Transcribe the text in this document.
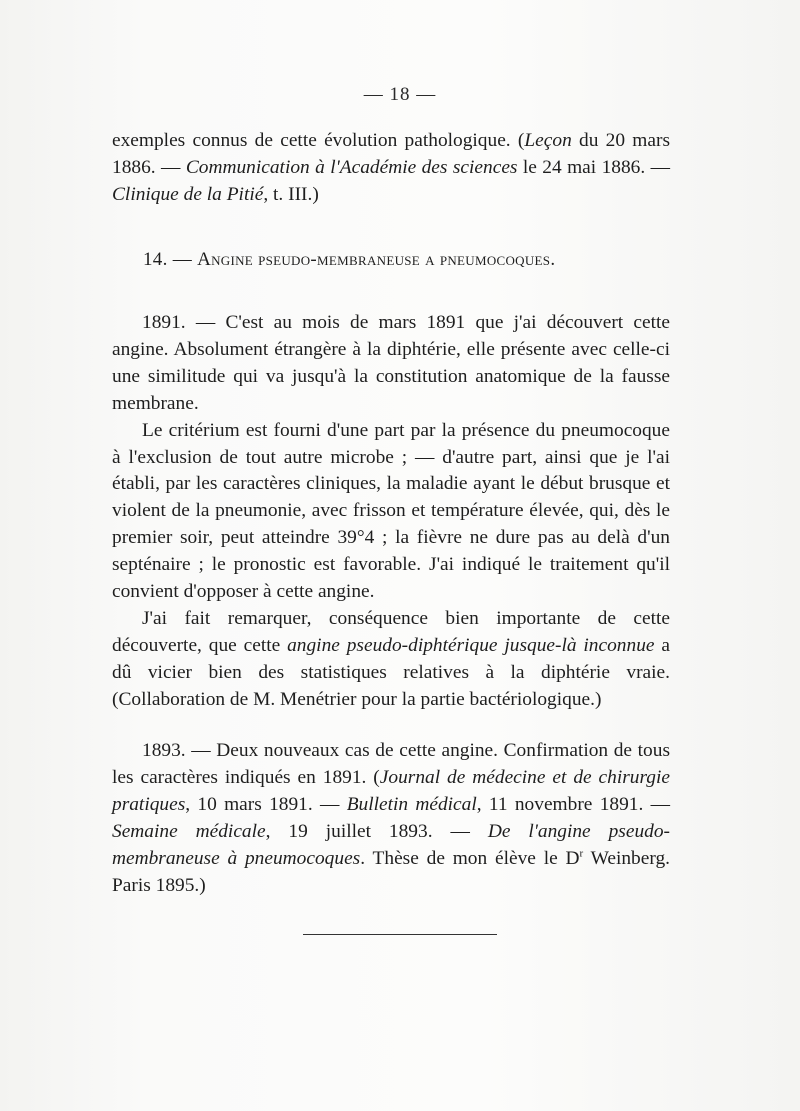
— 18 —

exemples connus de cette évolution pathologique. (Leçon du 20 mars 1886. — Communication à l'Académie des sciences le 24 mai 1886. — Clinique de la Pitié, t. III.)

14. — Angine pseudo-membraneuse a pneumocoques.

1891. — C'est au mois de mars 1891 que j'ai découvert cette angine. Absolument étrangère à la diphtérie, elle présente avec celle-ci une similitude qui va jusqu'à la constitution anatomique de la fausse membrane.

Le critérium est fourni d'une part par la présence du pneumocoque à l'exclusion de tout autre microbe ; — d'autre part, ainsi que je l'ai établi, par les caractères cliniques, la maladie ayant le début brusque et violent de la pneumonie, avec frisson et température élevée, qui, dès le premier soir, peut atteindre 39°4 ; la fièvre ne dure pas au delà d'un septénaire ; le pronostic est favorable. J'ai indiqué le traitement qu'il convient d'opposer à cette angine.

J'ai fait remarquer, conséquence bien importante de cette découverte, que cette angine pseudo-diphtérique jusque-là inconnue a dû vicier bien des statistiques relatives à la diphtérie vraie. (Collaboration de M. Menétrier pour la partie bactériologique.)

1893. — Deux nouveaux cas de cette angine. Confirmation de tous les caractères indiqués en 1891. (Journal de médecine et de chirurgie pratiques, 10 mars 1891. — Bulletin médical, 11 novembre 1891. — Semaine médicale, 19 juillet 1893. — De l'angine pseudo-membraneuse à pneumocoques. Thèse de mon élève le $D^r$ Weinberg. Paris 1895.)
